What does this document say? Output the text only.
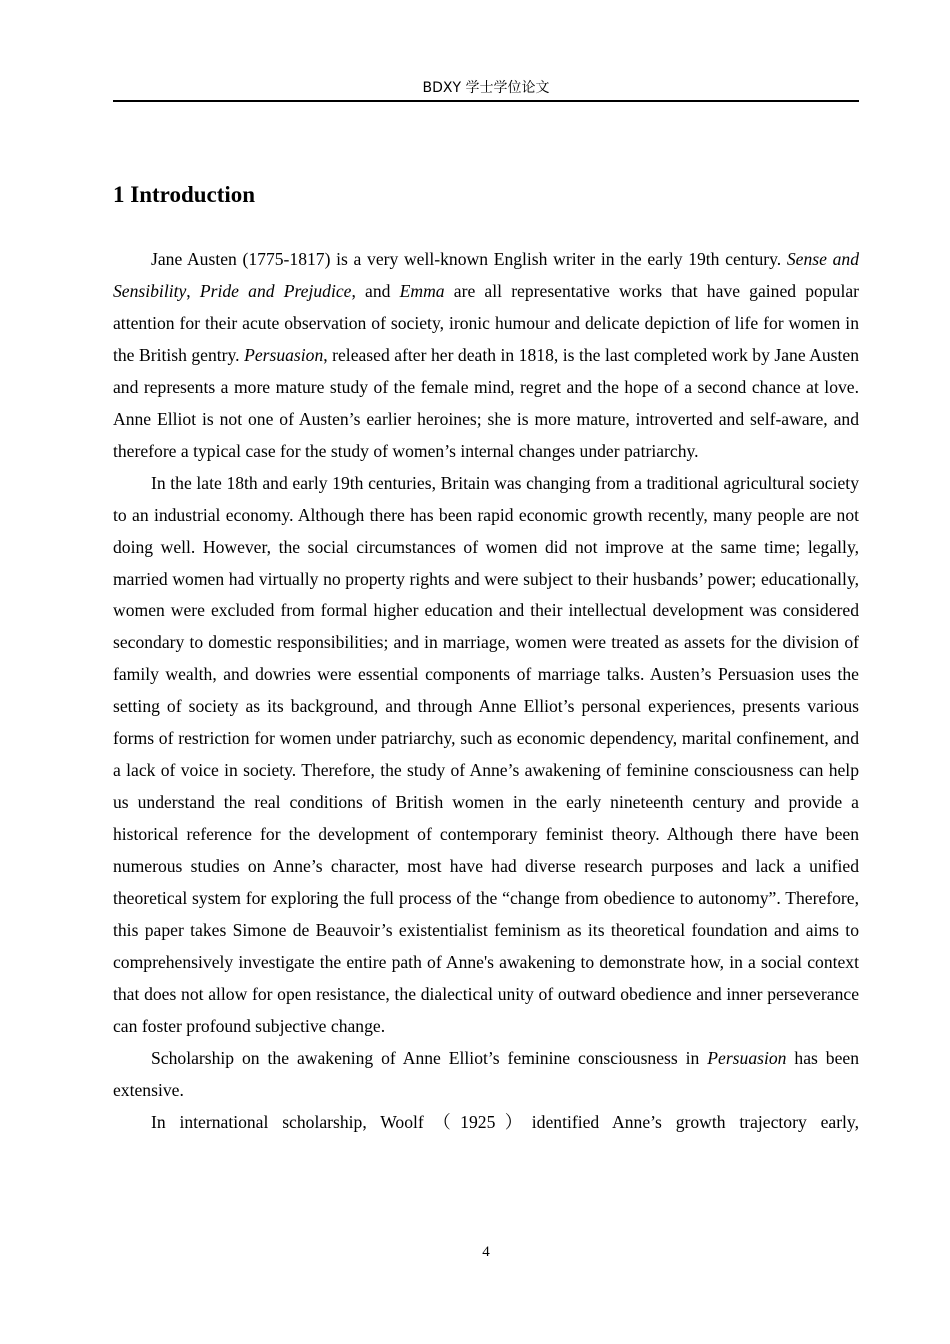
BDXY 学士学位论文
1 Introduction

Jane Austen (1775-1817) is a very well-known English writer in the early 19th century. Sense and Sensibility, Pride and Prejudice, and Emma are all representative works that have gained popular attention for their acute observation of society, ironic humour and delicate depiction of life for women in the British gentry. Persuasion, released after her death in 1818, is the last completed work by Jane Austen and represents a more mature study of the female mind, regret and the hope of a second chance at love. Anne Elliot is not one of Austen’s earlier heroines; she is more mature, introverted and self-aware, and therefore a typical case for the study of women’s internal changes under patriarchy.

In the late 18th and early 19th centuries, Britain was changing from a traditional agricultural society to an industrial economy. Although there has been rapid economic growth recently, many people are not doing well. However, the social circumstances of women did not improve at the same time; legally, married women had virtually no property rights and were subject to their husbands’ power; educationally, women were excluded from formal higher education and their intellectual development was considered secondary to domestic responsibilities; and in marriage, women were treated as assets for the division of family wealth, and dowries were essential components of marriage talks. Austen’s Persuasion uses the setting of society as its background, and through Anne Elliot’s personal experiences, presents various forms of restriction for women under patriarchy, such as economic dependency, marital confinement, and a lack of voice in society. Therefore, the study of Anne’s awakening of feminine consciousness can help us understand the real conditions of British women in the early nineteenth century and provide a historical reference for the development of contemporary feminist theory. Although there have been numerous studies on Anne’s character, most have had diverse research purposes and lack a unified theoretical system for exploring the full process of the “change from obedience to autonomy”. Therefore, this paper takes Simone de Beauvoir’s existentialist feminism as its theoretical foundation and aims to comprehensively investigate the entire path of Anne's awakening to demonstrate how, in a social context that does not allow for open resistance, the dialectical unity of outward obedience and inner perseverance can foster profound subjective change.

Scholarship on the awakening of Anne Elliot’s feminine consciousness in Persuasion has been extensive.

In international scholarship, Woolf（1925）identified Anne’s growth trajectory early,

4
